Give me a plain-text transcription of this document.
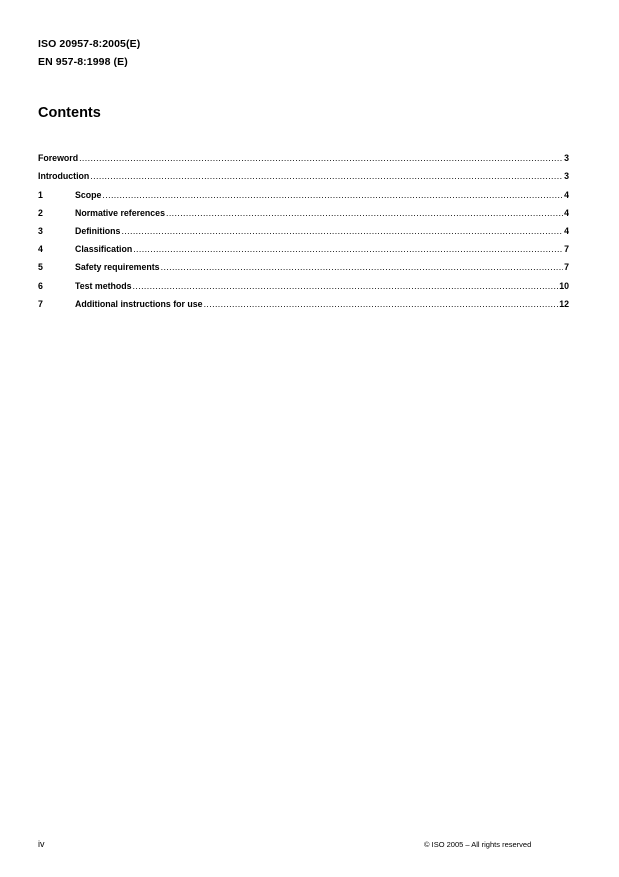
ISO 20957-8:2005(E)
EN 957-8:1998 (E)
Contents
Foreword .....	3
Introduction .....	3
1	Scope .....	4
2	Normative references .....	4
3	Definitions .....	4
4	Classification .....	7
5	Safety requirements .....	7
6	Test methods .....	10
7	Additional instructions for use .....	12
iv	© ISO 2005 – All rights reserved
